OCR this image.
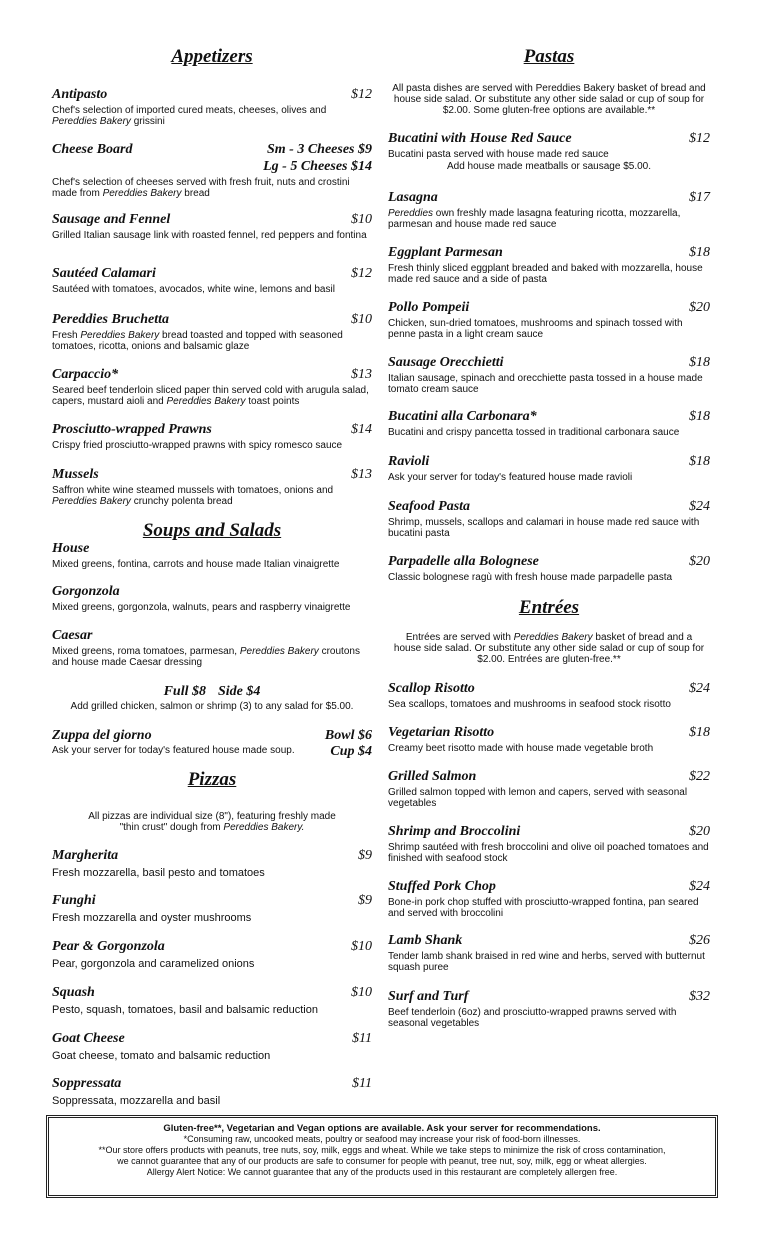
Appetizers
Antipasto	$12
Chef's selection of imported cured meats, cheeses, olives and
Pereddies Bakery grissini
Cheese Board	Sm - 3 Cheeses $9
Lg - 5 Cheeses $14
Chef's selection of cheeses served with fresh fruit, nuts and crostini made from Pereddies Bakery bread
Sausage and Fennel	$10
Grilled Italian sausage link with roasted fennel, red peppers and fontina
Sautéed Calamari	$12
Sautéed with tomatoes, avocados, white wine, lemons and basil
Pereddies Bruchetta	$10
Fresh Pereddies Bakery bread toasted and topped with seasoned tomatoes, ricotta, onions and balsamic glaze
Carpaccio*	$13
Seared beef tenderloin sliced paper thin served cold with arugula salad, capers, mustard aioli and Pereddies Bakery toast points
Prosciutto-wrapped Prawns	$14
Crispy fried prosciutto-wrapped prawns with spicy romesco sauce
Mussels	$13
Saffron white wine steamed mussels with tomatoes, onions and
Pereddies Bakery crunchy polenta bread
Soups and Salads
House
Mixed greens, fontina, carrots and house made Italian vinaigrette
Gorgonzola
Mixed greens, gorgonzola, walnuts, pears and raspberry vinaigrette
Caesar
Mixed greens, roma tomatoes, parmesan, Pereddies Bakery croutons and house made Caesar dressing
Full $8 Side $4
Add grilled chicken, salmon or shrimp (3) to any salad for $5.00.
Zuppa del giorno	Bowl $6
Ask your server for today's featured house made soup.	Cup $4
Pizzas
All pizzas are individual size (8"), featuring freshly made
"thin crust" dough from Pereddies Bakery.
Margherita	$9
Fresh mozzarella, basil pesto and tomatoes
Funghi	$9
Fresh mozzarella and oyster mushrooms
Pear & Gorgonzola	$10
Pear, gorgonzola and caramelized onions
Squash	$10
Pesto, squash, tomatoes, basil and balsamic reduction
Goat Cheese	$11
Goat cheese, tomato and balsamic reduction
Soppressata	$11
Soppressata, mozzarella and basil
Pastas
All pasta dishes are served with Pereddies Bakery basket of bread and house side salad. Or substitute any other side salad or cup of soup for $2.00. Some gluten-free options are available.**
Bucatini with House Red Sauce	$12
Bucatini pasta served with house made red sauce
Add house made meatballs or sausage $5.00.
Lasagna	$17
Pereddies own freshly made lasagna featuring ricotta, mozzarella, parmesan and house made red sauce
Eggplant Parmesan	$18
Fresh thinly sliced eggplant breaded and baked with mozzarella, house made red sauce and a side of pasta
Pollo Pompeii	$20
Chicken, sun-dried tomatoes, mushrooms and spinach tossed with penne pasta in a light cream sauce
Sausage Orecchietti	$18
Italian sausage, spinach and orecchiette pasta tossed in a house made tomato cream sauce
Bucatini alla Carbonara*	$18
Bucatini and crispy pancetta tossed in traditional carbonara sauce
Ravioli	$18
Ask your server for today's featured house made ravioli
Seafood Pasta	$24
Shrimp, mussels, scallops and calamari in house made red sauce with bucatini pasta
Parpadelle alla Bolognese	$20
Classic bolognese ragù with fresh house made parpadelle pasta
Entrées
Entrées are served with Pereddies Bakery basket of bread and a house side salad. Or substitute any other side salad or cup of soup for $2.00. Entrées are gluten-free.**
Scallop Risotto	$24
Sea scallops, tomatoes and mushrooms in seafood stock risotto
Vegetarian Risotto	$18
Creamy beet risotto made with house made vegetable broth
Grilled Salmon	$22
Grilled salmon topped with lemon and capers, served with seasonal vegetables
Shrimp and Broccolini	$20
Shrimp sautéed with fresh broccolini and olive oil poached tomatoes and finished with seafood stock
Stuffed Pork Chop	$24
Bone-in pork chop stuffed with prosciutto-wrapped fontina, pan seared and served with broccolini
Lamb Shank	$26
Tender lamb shank braised in red wine and herbs, served with butternut squash puree
Surf and Turf	$32
Beef tenderloin (6oz) and prosciutto-wrapped prawns served with seasonal vegetables
Gluten-free**, Vegetarian and Vegan options are available. Ask your server for recommendations.
*Consuming raw, uncooked meats, poultry or seafood may increase your risk of food-born illnesses.
**Our store offers products with peanuts, tree nuts, soy, milk, eggs and wheat. While we take steps to minimize the risk of cross contamination,
we cannot guarantee that any of our products are safe to consumer for people with peanut, tree nut, soy, milk, egg or wheat allergies.
Allergy Alert Notice: We cannot guarantee that any of the products used in this restaurant are completely allergen free.
